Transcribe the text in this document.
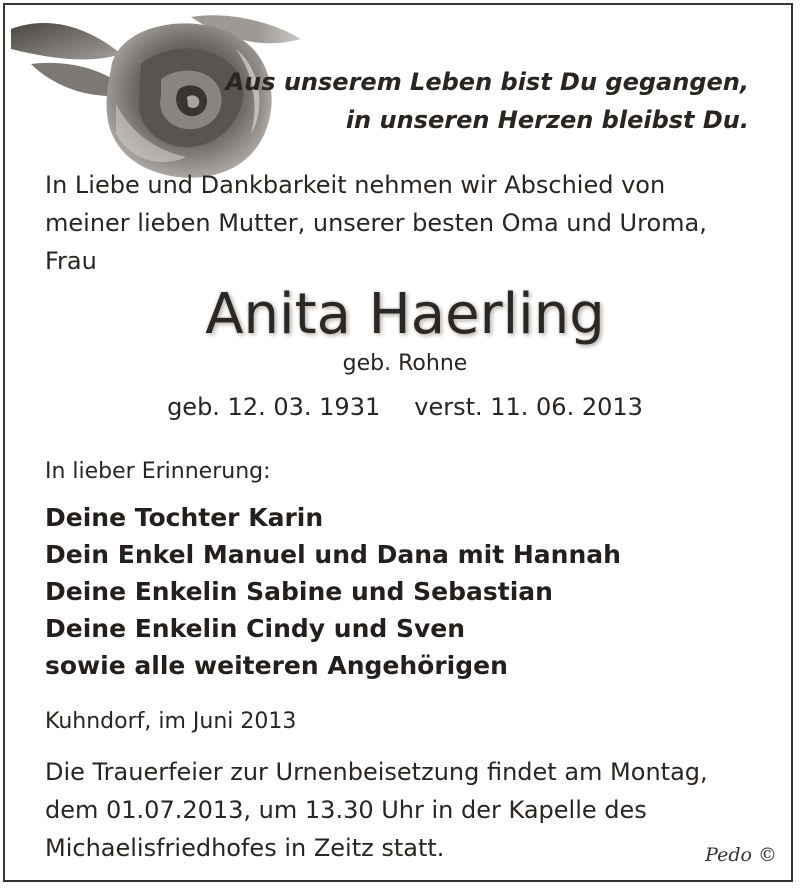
Aus unserem Leben bist Du gegangen,
in unseren Herzen bleibst Du.
In Liebe und Dankbarkeit nehmen wir Abschied von
meiner lieben Mutter, unserer besten Oma und Uroma,
Frau
Anita Haerling
geb. Rohne
geb. 12. 03. 1931 verst. 11. 06. 2013
In lieber Erinnerung:
Deine Tochter Karin
Dein Enkel Manuel und Dana mit Hannah
Deine Enkelin Sabine und Sebastian
Deine Enkelin Cindy und Sven
sowie alle weiteren Angehörigen
Kuhndorf, im Juni 2013
Die Trauerfeier zur Urnenbeisetzung findet am Montag,
dem 01.07.2013, um 13.30 Uhr in der Kapelle des
Michaelisfriedhofes in Zeitz statt.	Pedo ©
